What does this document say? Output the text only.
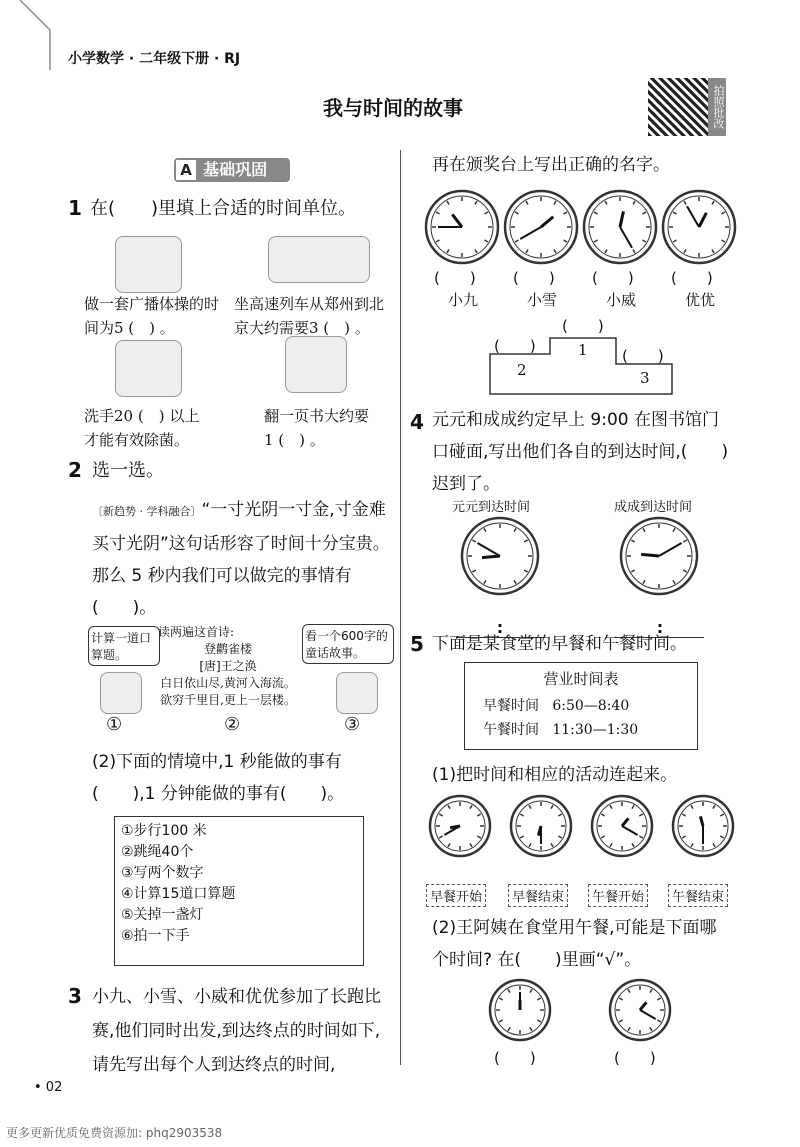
小学数学 · 二年级下册 · RJ
我与时间的故事	拍照批改
A 基础巩固
1 在(　　)里填上合适的时间单位。
做一套广播体操的时间为5 (　) 。
坐高速列车从郑州到北京大约需要3 (　) 。
洗手20 (　) 以上才能有效除菌。
翻一页书大约要1 (　) 。
2 选一选。
〔新趋势 · 学科融合〕“一寸光阴一寸金,寸金难买寸光阴”这句话形容了时间十分宝贵。那么 5 秒内我们可以做完的事情有(　　)。
计算一道口算题。
看一个600字的童话故事。
读两遍这首诗:
登鹳雀楼
[唐]王之涣
白日依山尽,黄河入海流。
欲穷千里目,更上一层楼。
①	②	③
(2)下面的情境中,1 秒能做的事有(　　),1 分钟能做的事有(　　)。
①步行100 米
②跳绳40个
③写两个数字
④计算15道口算题
⑤关掉一盏灯
⑥拍一下手
3 小九、小雪、小威和优优参加了长跑比赛,他们同时出发,到达终点的时间如下,请先写出每个人到达终点的时间,
再在颁奖台上写出正确的名字。
(　　) (　　) (　　) (　　)
小九	小雪	小威	优优
1
2	3
(　　)
(　　)
(　　)
4 元元和成成约定早上 9:00 在图书馆门口碰面,写出他们各自的到达时间,(　　)迟到了。
元元到达时间	成成到达时间
:	:
5 下面是某食堂的早餐和午餐时间。
营业时间表
早餐时间 6:50—8:40
午餐时间 11:30—1:30
(1)把时间和相应的活动连起来。
早餐开始	早餐结束	午餐开始	午餐结束
(2)王阿姨在食堂用午餐,可能是下面哪个时间? 在(　　)里画“√”。
(　　)	(　　)
• 02
更多更新优质免费资源加: phq2903538
